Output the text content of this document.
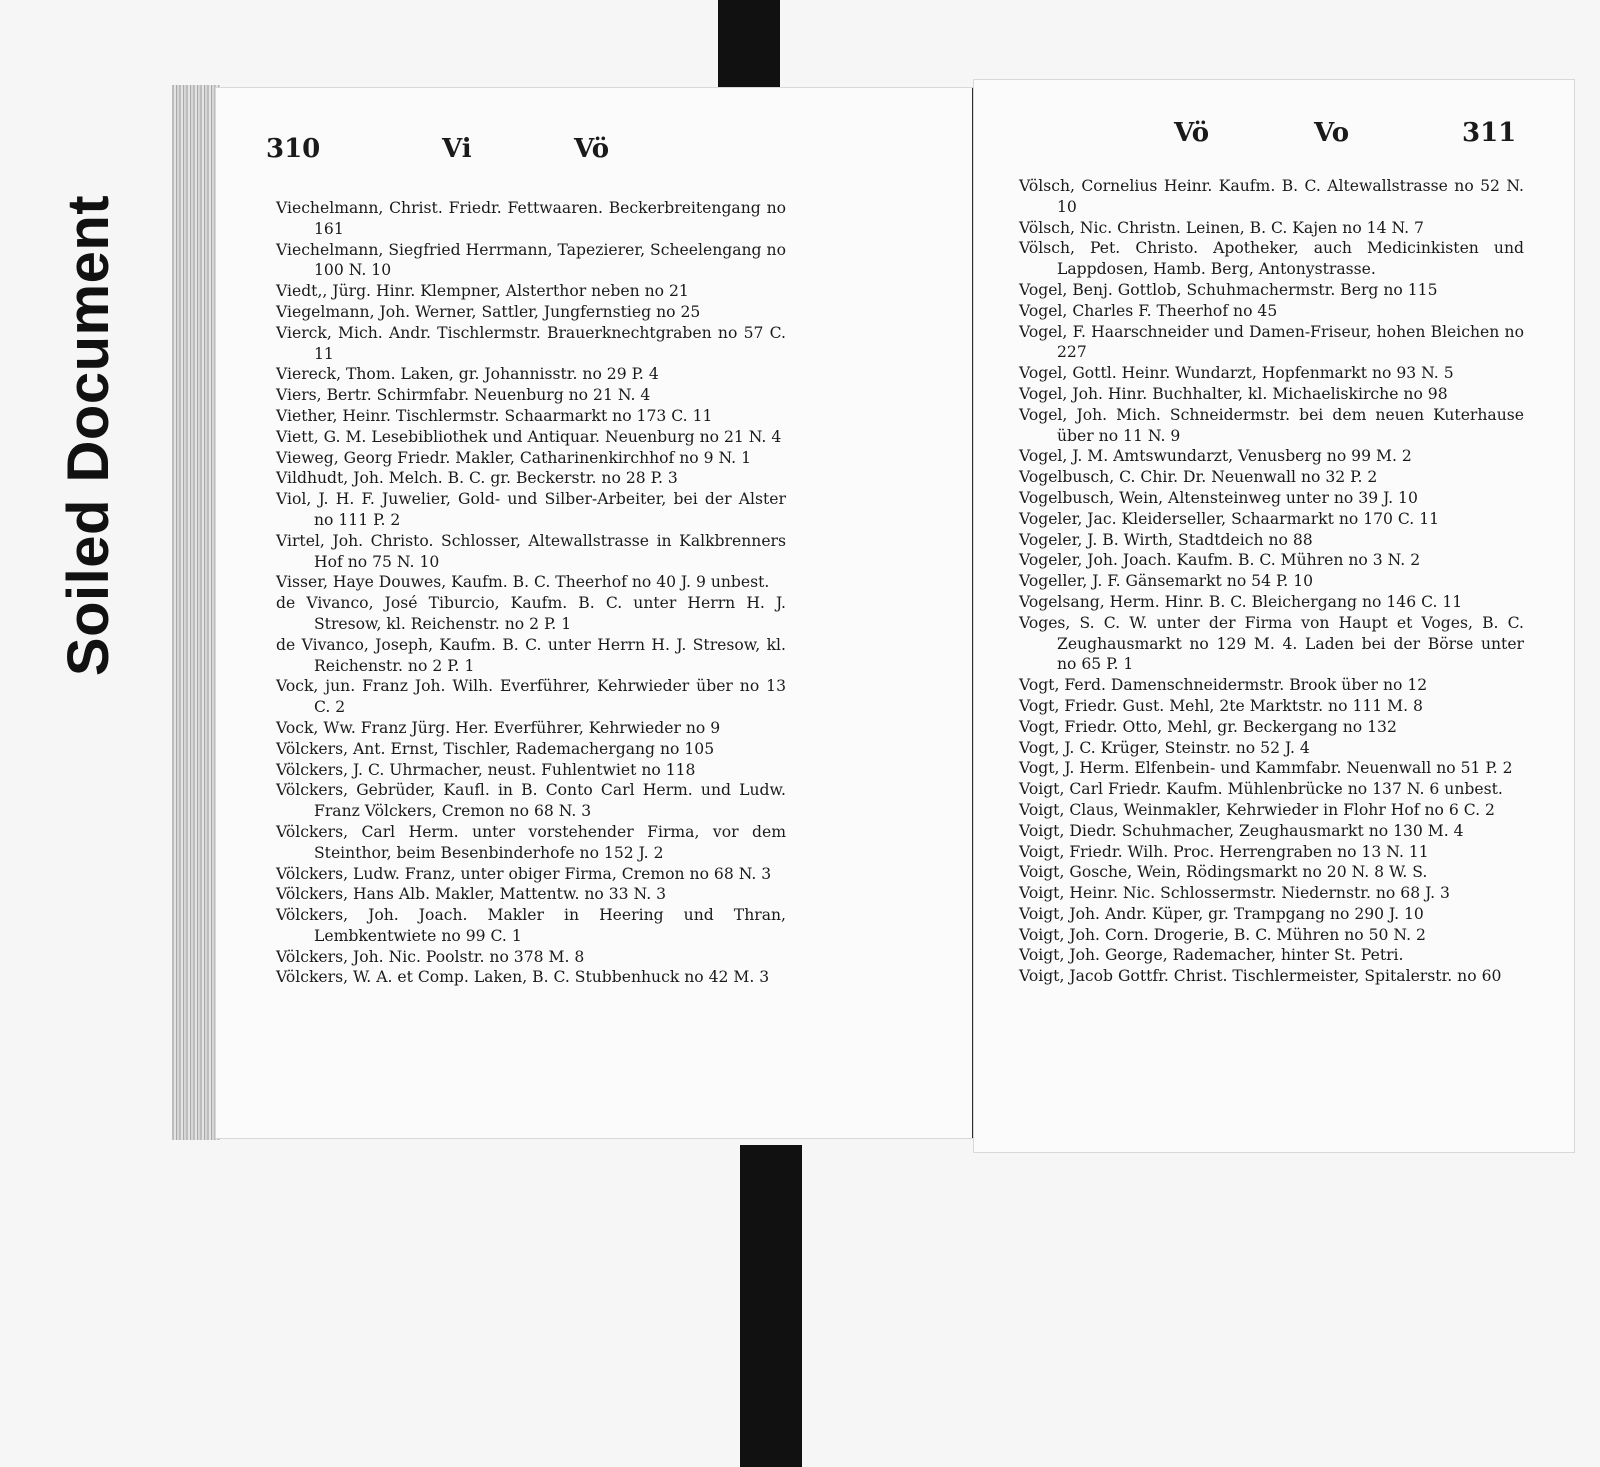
Soiled Document
310	Vi	Vö
Viechelmann, Christ. Friedr. Fettwaaren. Beckerbreitengang no 161
Viechelmann, Siegfried Herrmann, Tapezierer, Scheelengang no 100 N. 10
Viedt,, Jürg. Hinr. Klempner, Alsterthor neben no 21
Viegelmann, Joh. Werner, Sattler, Jungfernstieg no 25
Vierck, Mich. Andr. Tischlermstr. Brauerknechtgraben no 57 C. 11
Viereck, Thom. Laken, gr. Johannisstr. no 29 P. 4
Viers, Bertr. Schirmfabr. Neuenburg no 21 N. 4
Viether, Heinr. Tischlermstr. Schaarmarkt no 173 C. 11
Viett, G. M. Lesebibliothek und Antiquar. Neuenburg no 21 N. 4
Vieweg, Georg Friedr. Makler, Catharinenkirchhof no 9 N. 1
Vildhudt, Joh. Melch. B. C. gr. Beckerstr. no 28 P. 3
Viol, J. H. F. Juwelier, Gold- und Silber-Arbeiter, bei der Alster no 111 P. 2
Virtel, Joh. Christo. Schlosser, Altewallstrasse in Kalkbrenners Hof no 75 N. 10
Visser, Haye Douwes, Kaufm. B. C. Theerhof no 40 J. 9 unbest.
de Vivanco, José Tiburcio, Kaufm. B. C. unter Herrn H. J. Stresow, kl. Reichenstr. no 2 P. 1
de Vivanco, Joseph, Kaufm. B. C. unter Herrn H. J. Stresow, kl. Reichenstr. no 2 P. 1
Vock, jun. Franz Joh. Wilh. Everführer, Kehrwieder über no 13 C. 2
Vock, Ww. Franz Jürg. Her. Everführer, Kehrwieder no 9
Völckers, Ant. Ernst, Tischler, Rademachergang no 105
Völckers, J. C. Uhrmacher, neust. Fuhlentwiet no 118
Völckers, Gebrüder, Kaufl. in B. Conto Carl Herm. und Ludw. Franz Völckers, Cremon no 68 N. 3
Völckers, Carl Herm. unter vorstehender Firma, vor dem Steinthor, beim Besenbinderhofe no 152 J. 2
Völckers, Ludw. Franz, unter obiger Firma, Cremon no 68 N. 3
Völckers, Hans Alb. Makler, Mattentw. no 33 N. 3
Völckers, Joh. Joach. Makler in Heering und Thran, Lembkentwiete no 99 C. 1
Völckers, Joh. Nic. Poolstr. no 378 M. 8
Völckers, W. A. et Comp. Laken, B. C. Stubbenhuck no 42 M. 3
Vö	Vo	311
Völsch, Cornelius Heinr. Kaufm. B. C. Altewallstrasse no 52 N. 10
Völsch, Nic. Christn. Leinen, B. C. Kajen no 14 N. 7
Völsch, Pet. Christo. Apotheker, auch Medicinkisten und Lappdosen, Hamb. Berg, Antonystrasse.
Vogel, Benj. Gottlob, Schuhmachermstr. Berg no 115
Vogel, Charles F. Theerhof no 45
Vogel, F. Haarschneider und Damen-Friseur, hohen Bleichen no 227
Vogel, Gottl. Heinr. Wundarzt, Hopfenmarkt no 93 N. 5
Vogel, Joh. Hinr. Buchhalter, kl. Michaeliskirche no 98
Vogel, Joh. Mich. Schneidermstr. bei dem neuen Kuterhause über no 11 N. 9
Vogel, J. M. Amtswundarzt, Venusberg no 99 M. 2
Vogelbusch, C. Chir. Dr. Neuenwall no 32 P. 2
Vogelbusch, Wein, Altensteinweg unter no 39 J. 10
Vogeler, Jac. Kleiderseller, Schaarmarkt no 170 C. 11
Vogeler, J. B. Wirth, Stadtdeich no 88
Vogeler, Joh. Joach. Kaufm. B. C. Mühren no 3 N. 2
Vogeller, J. F. Gänsemarkt no 54 P. 10
Vogelsang, Herm. Hinr. B. C. Bleichergang no 146 C. 11
Voges, S. C. W. unter der Firma von Haupt et Voges, B. C. Zeughausmarkt no 129 M. 4. Laden bei der Börse unter no 65 P. 1
Vogt, Ferd. Damenschneidermstr. Brook über no 12
Vogt, Friedr. Gust. Mehl, 2te Marktstr. no 111 M. 8
Vogt, Friedr. Otto, Mehl, gr. Beckergang no 132
Vogt, J. C. Krüger, Steinstr. no 52 J. 4
Vogt, J. Herm. Elfenbein- und Kammfabr. Neuenwall no 51 P. 2
Voigt, Carl Friedr. Kaufm. Mühlenbrücke no 137 N. 6 unbest.
Voigt, Claus, Weinmakler, Kehrwieder in Flohr Hof no 6 C. 2
Voigt, Diedr. Schuhmacher, Zeughausmarkt no 130 M. 4
Voigt, Friedr. Wilh. Proc. Herrengraben no 13 N. 11
Voigt, Gosche, Wein, Rödingsmarkt no 20 N. 8 W. S.
Voigt, Heinr. Nic. Schlossermstr. Niedernstr. no 68 J. 3
Voigt, Joh. Andr. Küper, gr. Trampgang no 290 J. 10
Voigt, Joh. Corn. Drogerie, B. C. Mühren no 50 N. 2
Voigt, Joh. George, Rademacher, hinter St. Petri.
Voigt, Jacob Gottfr. Christ. Tischlermeister, Spitalerstr. no 60
